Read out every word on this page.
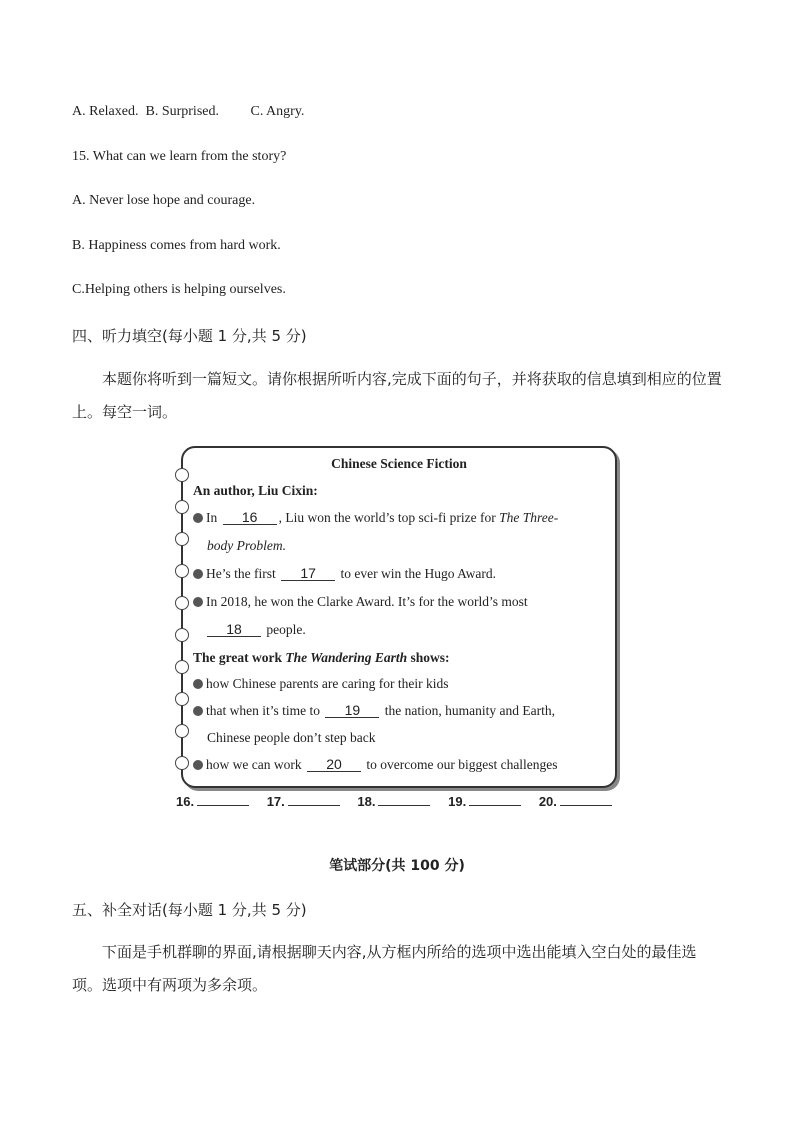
A. Relaxed. B. Surprised. C. Angry.
15. What can we learn from the story?
A. Never lose hope and courage.
B. Happiness comes from hard work.
C.Helping others is helping ourselves.
四、听力填空(每小题 1 分,共 5 分)
本题你将听到一篇短文。请你根据所听内容,完成下面的句子，并将获取的信息填到相应的位置上。每空一词。
Chinese Science Fiction
An author, Liu Cixin:
In 16 , Liu won the world’s top sci-fi prize for The Three-
body Problem.
He’s the first 17 to ever win the Hugo Award.
In 2018, he won the Clarke Award. It’s for the world’s most
18 people.
The great work The Wandering Earth shows:
how Chinese parents are caring for their kids
that when it’s time to 19 the nation, humanity and Earth,
Chinese people don’t step back
how we can work 20 to overcome our biggest challenges
16.	17.	18.	19.	20.
笔试部分(共 100 分)
五、补全对话(每小题 1 分,共 5 分)
下面是手机群聊的界面,请根据聊天内容,从方框内所给的选项中选出能填入空白处的最佳选项。选项中有两项为多余项。
